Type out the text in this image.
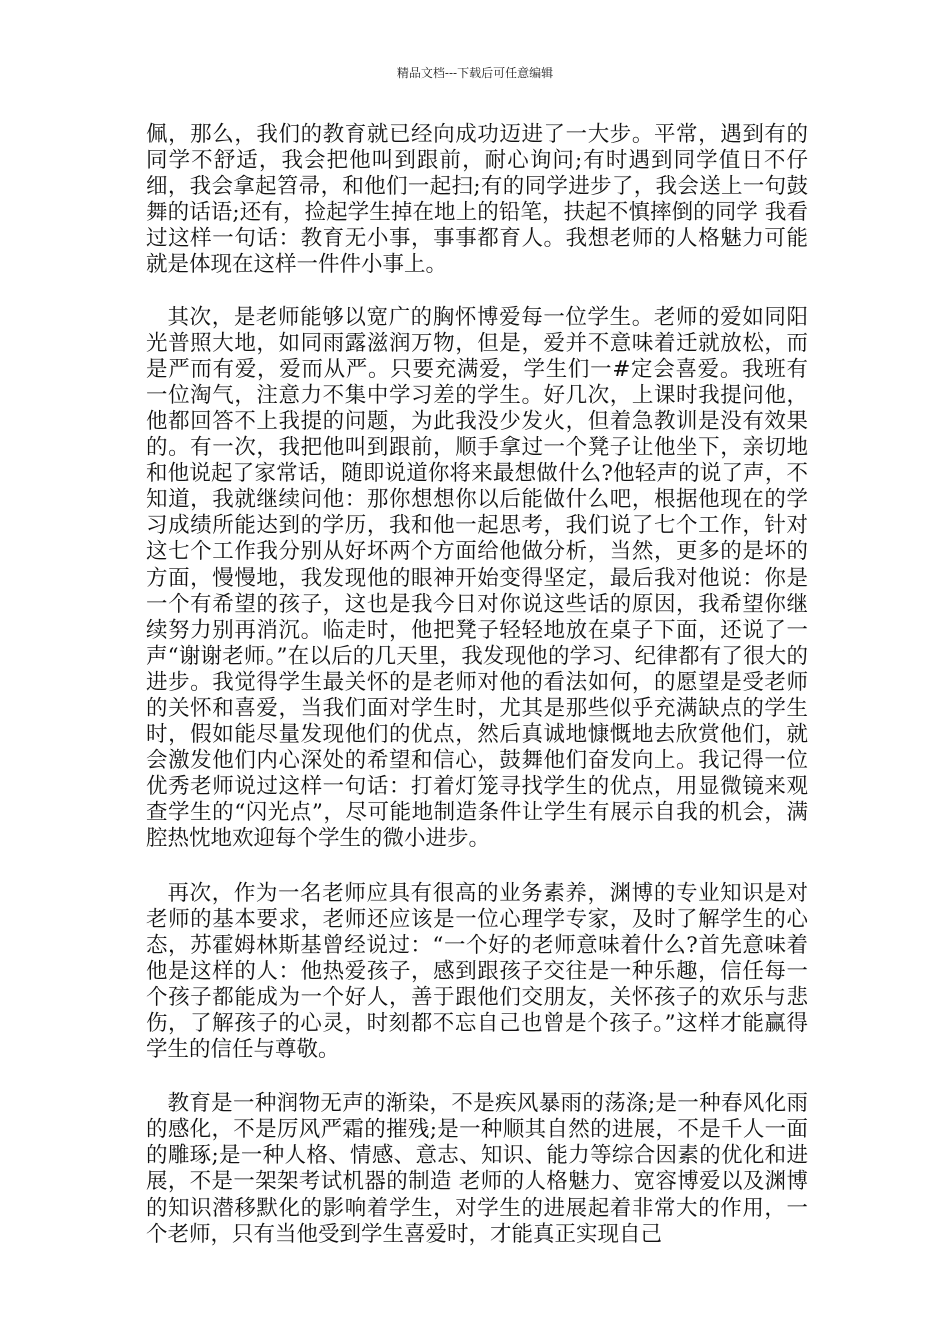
精品文档---下载后可任意编辑

佩，那么，我们的教育就已经向成功迈进了一大步。平常，遇到有的同学不舒适，我会把他叫到跟前，耐心询问;有时遇到同学值日不仔细，我会拿起笤帚，和他们一起扫;有的同学进步了，我会送上一句鼓舞的话语;还有，捡起学生掉在地上的铅笔，扶起不慎摔倒的同学 我看过这样一句话：教育无小事，事事都育人。我想老师的人格魅力可能就是体现在这样一件件小事上。

其次，是老师能够以宽广的胸怀博爱每一位学生。老师的爱如同阳光普照大地，如同雨露滋润万物，但是，爱并不意味着迁就放松，而是严而有爱，爱而从严。只要充满爱，学生们一#定会喜爱。我班有一位淘气，注意力不集中学习差的学生。好几次，上课时我提问他，他都回答不上我提的问题，为此我没少发火，但着急教训是没有效果的。有一次，我把他叫到跟前，顺手拿过一个凳子让他坐下，亲切地和他说起了家常话，随即说道你将来最想做什么?他轻声的说了声，不知道，我就继续问他：那你想想你以后能做什么吧，根据他现在的学习成绩所能达到的学历，我和他一起思考，我们说了七个工作，针对这七个工作我分别从好坏两个方面给他做分析，当然，更多的是坏的方面，慢慢地，我发现他的眼神开始变得坚定，最后我对他说：你是一个有希望的孩子，这也是我今日对你说这些话的原因，我希望你继续努力别再消沉。临走时，他把凳子轻轻地放在桌子下面，还说了一声“谢谢老师。”在以后的几天里，我发现他的学习、纪律都有了很大的进步。我觉得学生最关怀的是老师对他的看法如何，的愿望是受老师的关怀和喜爱，当我们面对学生时，尤其是那些似乎充满缺点的学生时，假如能尽量发现他们的优点，然后真诚地慷慨地去欣赏他们，就会激发他们内心深处的希望和信心，鼓舞他们奋发向上。我记得一位优秀老师说过这样一句话：打着灯笼寻找学生的优点，用显微镜来观查学生的“闪光点”，尽可能地制造条件让学生有展示自我的机会，满腔热忱地欢迎每个学生的微小进步。

再次，作为一名老师应具有很高的业务素养，渊博的专业知识是对老师的基本要求，老师还应该是一位心理学专家，及时了解学生的心态，苏霍姆林斯基曾经说过：“一个好的老师意味着什么?首先意味着他是这样的人：他热爱孩子，感到跟孩子交往是一种乐趣，信任每一个孩子都能成为一个好人，善于跟他们交朋友，关怀孩子的欢乐与悲伤，了解孩子的心灵，时刻都不忘自己也曾是个孩子。”这样才能赢得学生的信任与尊敬。

教育是一种润物无声的渐染，不是疾风暴雨的荡涤;是一种春风化雨的感化，不是厉风严霜的摧残;是一种顺其自然的进展，不是千人一面的雕琢;是一种人格、情感、意志、知识、能力等综合因素的优化和进展，不是一架架考试机器的制造 老师的人格魅力、宽容博爱以及渊博的知识潜移默化的影响着学生，对学生的进展起着非常大的作用，一个老师，只有当他受到学生喜爱时，才能真正实现自己
